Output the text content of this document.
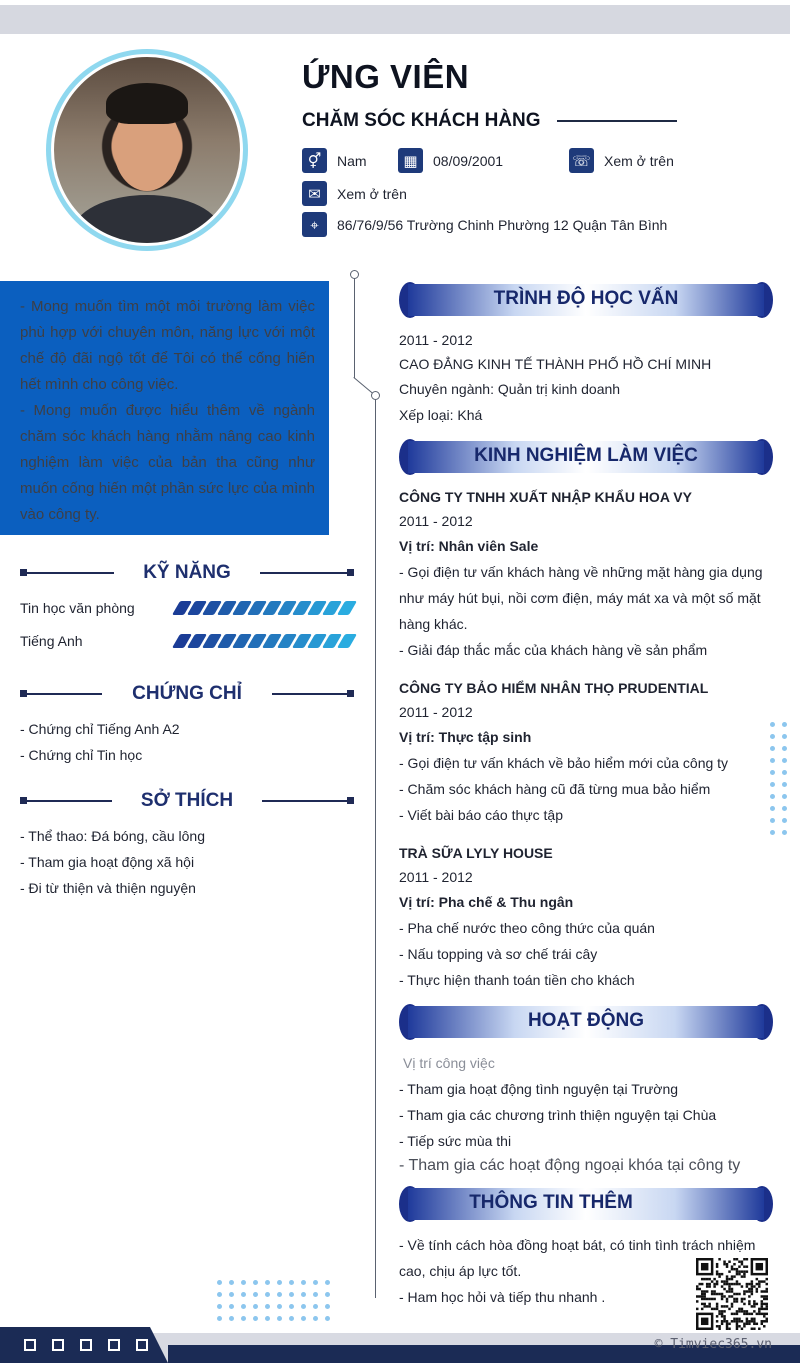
ỨNG VIÊN
CHĂM SÓC KHÁCH HÀNG
⚥	Nam	▦	08/09/2001	☏ Xem ở trên
✉	Xem ở trên
⌖	86/76/9/56 Trường Chinh Phường 12 Quận Tân Bình

- Mong muốn tìm một môi trường làm việc phù hợp với chuyên môn, năng lực với một chế độ đãi ngộ tốt để Tôi có thể cống hiến hết mình cho công việc.

- Mong muốn được hiểu thêm về ngành chăm sóc khách hàng nhằm nâng cao kinh nghiệm làm việc của bản tha cũng như muốn cống hiến một phần sức lực của mình vào công ty.

KỸ NĂNG
Tin học văn phòng
Tiếng Anh
CHỨNG CHỈ
- Chứng chỉ Tiếng Anh A2
- Chứng chỉ Tin học
SỞ THÍCH
- Thể thao: Đá bóng, cầu lông
- Tham gia hoạt động xã hội
- Đi từ thiện và thiện nguyện
TRÌNH ĐỘ HỌC VẤN
2011 - 2012
CAO ĐẲNG KINH TẾ THÀNH PHỐ HỒ CHÍ MINH
Chuyên ngành: Quản trị kinh doanh
Xếp loại: Khá
KINH NGHIỆM LÀM VIỆC
CÔNG TY TNHH XUẤT NHẬP KHẨU HOA VY
2011 - 2012
Vị trí: Nhân viên Sale
- Gọi điện tư vấn khách hàng về những mặt hàng gia dụng
như máy hút bụi, nồi cơm điện, máy mát xa và một số mặt
hàng khác.
- Giải đáp thắc mắc của khách hàng về sản phẩm
CÔNG TY BẢO HIỂM NHÂN THỌ PRUDENTIAL
2011 - 2012
Vị trí: Thực tập sinh
- Gọi điện tư vấn khách về bảo hiểm mới của công ty
- Chăm sóc khách hàng cũ đã từng mua bảo hiểm
- Viết bài báo cáo thực tập
TRÀ SỮA LYLY HOUSE
2011 - 2012
Vị trí: Pha chế & Thu ngân
- Pha chế nước theo công thức của quán
- Nấu topping và sơ chế trái cây
- Thực hiện thanh toán tiền cho khách
HOẠT ĐỘNG
Vị trí công việc
- Tham gia hoạt động tình nguyện tại Trường
- Tham gia các chương trình thiện nguyện tại Chùa
- Tiếp sức mùa thi
- Tham gia các hoạt động ngoại khóa tại công ty
THÔNG TIN THÊM
- Về tính cách hòa đồng hoạt bát, có tinh tình trách nhiệm
cao, chịu áp lực tốt.
- Ham học hỏi và tiếp thu nhanh .
© Timviec365.vn
